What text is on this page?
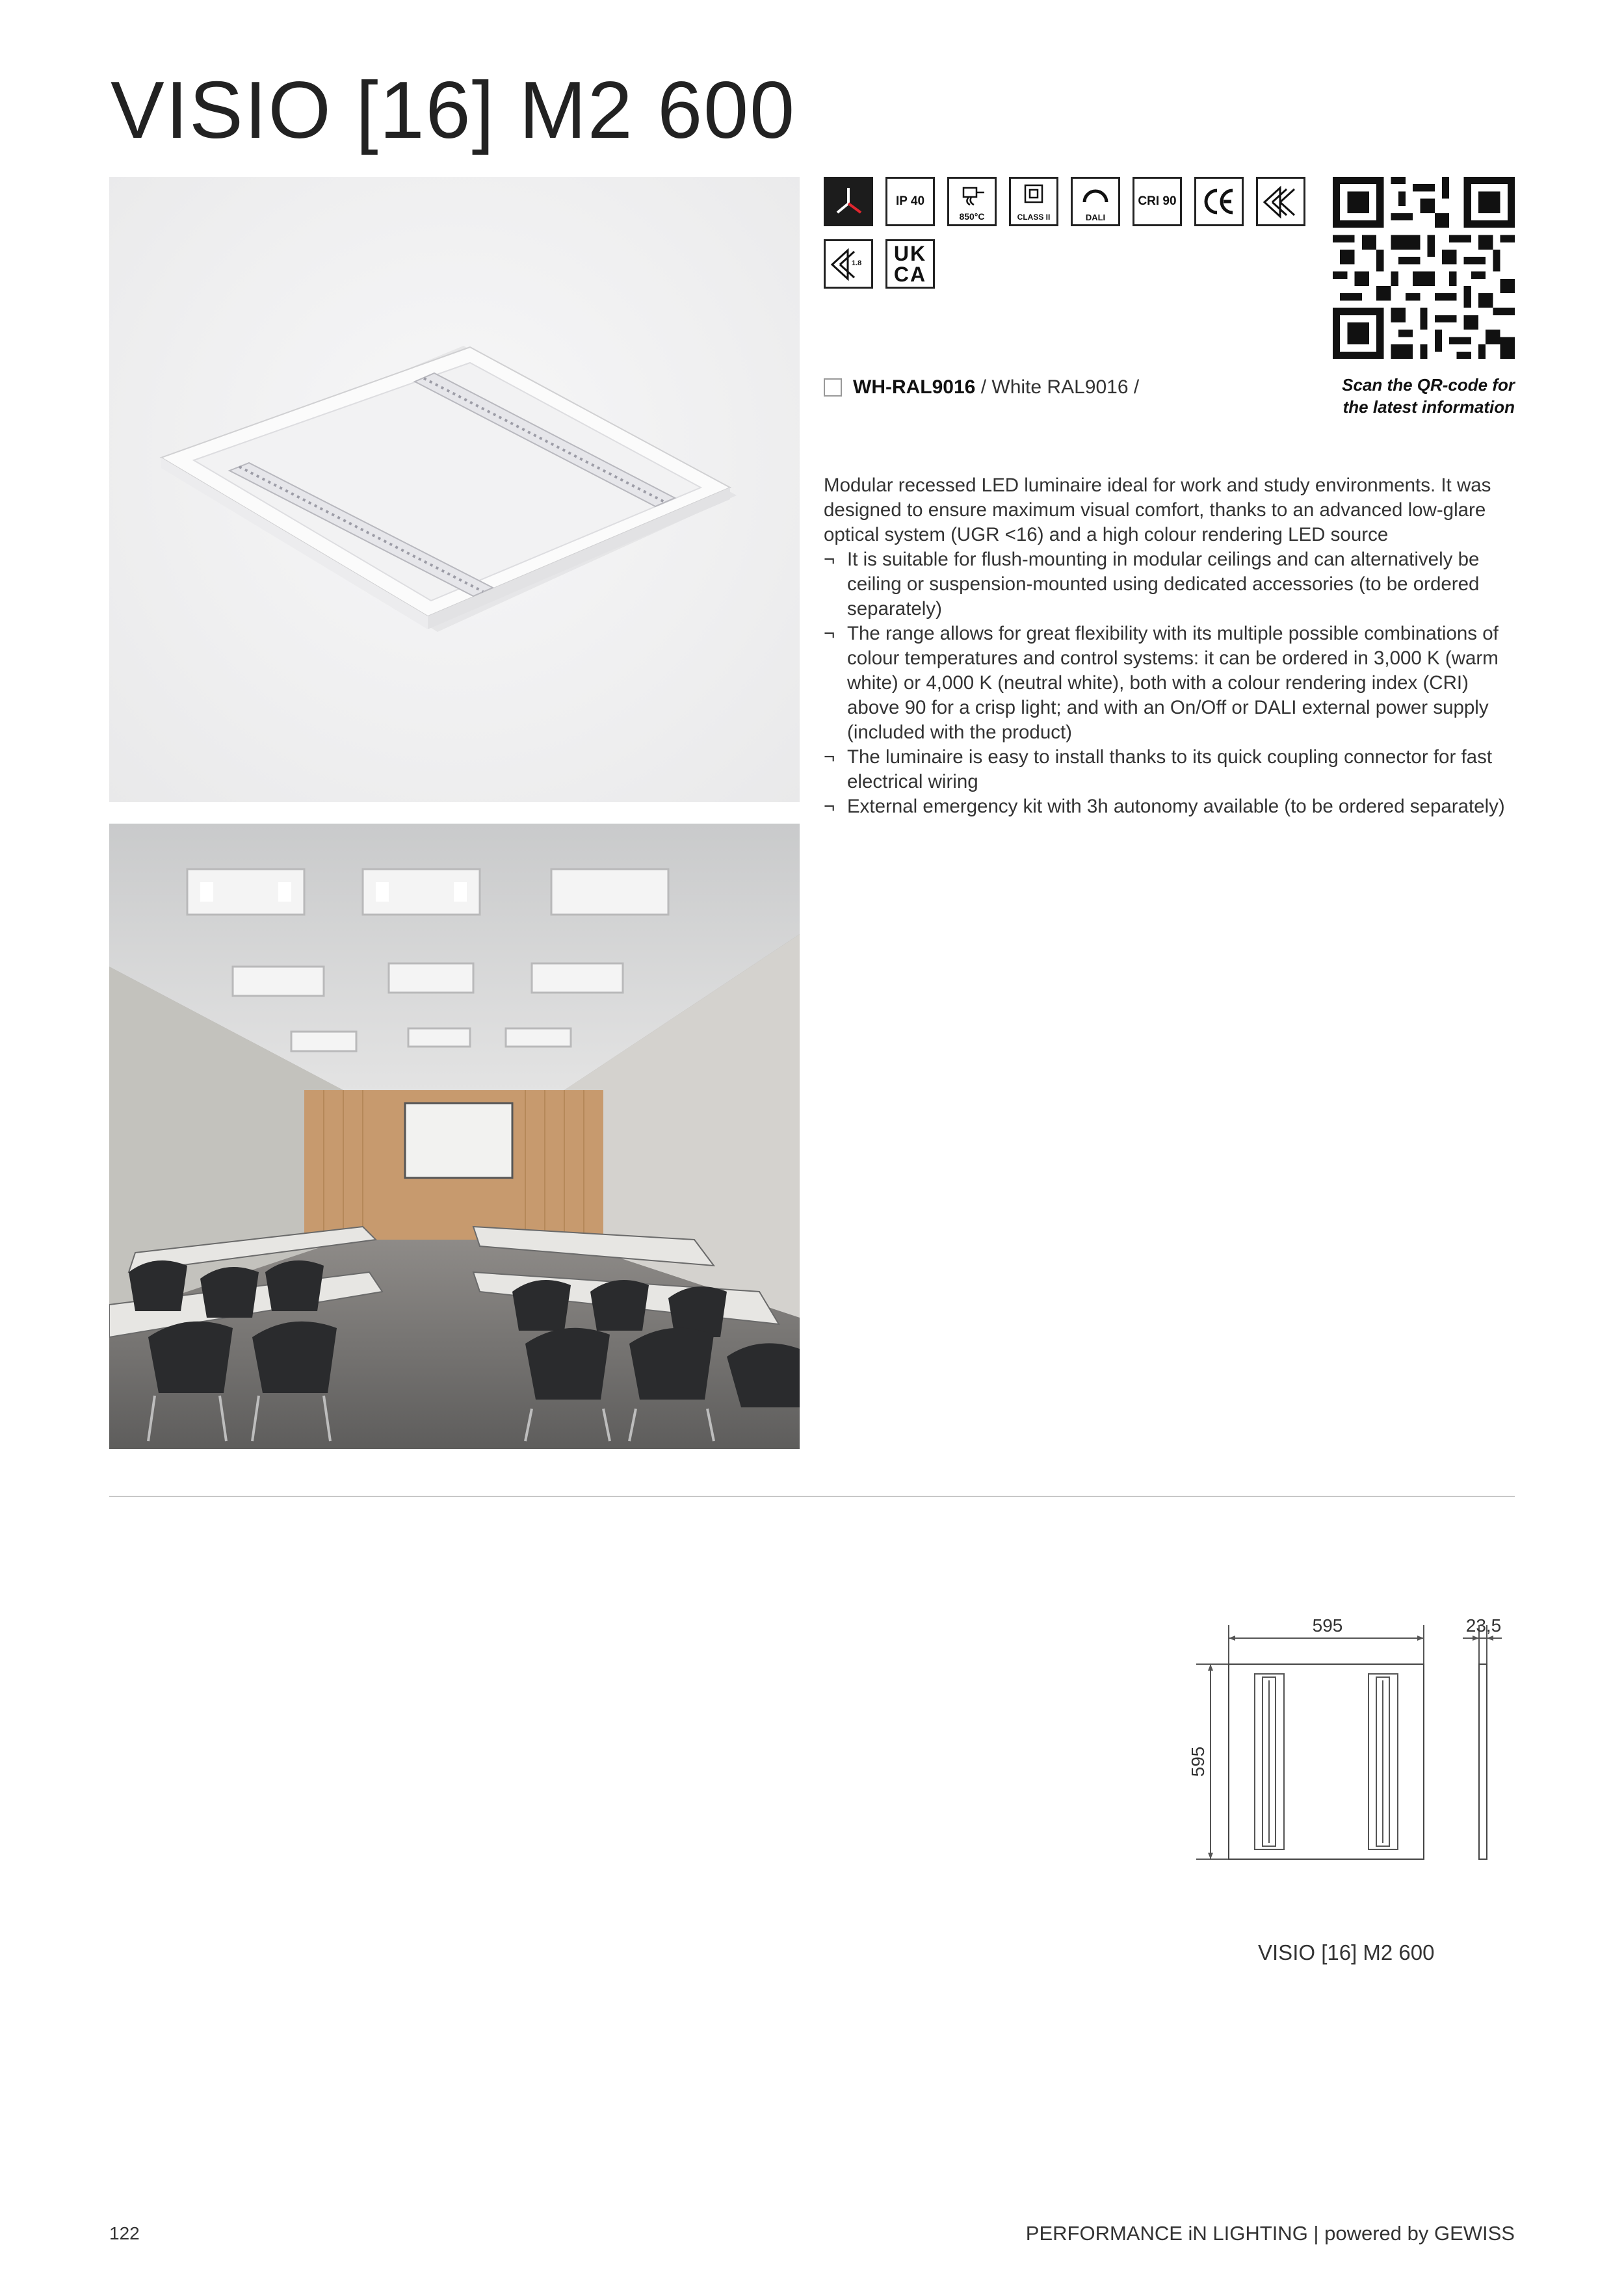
VISIO [16] M2 600
IP 40
850°C	CLASS II	DALI
CRI 90
1.8	UK
CA
Scan the QR-code for
the latest information
WH-RAL9016 / White RAL9016 /

Modular recessed LED luminaire ideal for work and study environments. It was designed to ensure maximum visual comfort, thanks to an advanced low-glare optical system (UGR <16) and a high colour rendering LED source

¬ It is suitable for flush-mounting in modular ceilings and can alternatively be ceiling or suspension-mounted using dedicated accessories (to be ordered separately)
¬ The range allows for great flexibility with its multiple possible combinations of colour temperatures and control systems: it can be ordered in 3,000 K (warm white) or 4,000 K (neutral white), both with a colour rendering index (CRI) above 90 for a crisp light; and with an On/Off or DALI external power supply (included with the product)
¬ The luminaire is easy to install thanks to its quick coupling connector for fast electrical wiring
¬ External emergency kit with 3h autonomy available (to be ordered separately)
595	23,5
595
VISIO [16] M2 600
122	PERFORMANCE iN LIGHTING | powered by GEWISS
